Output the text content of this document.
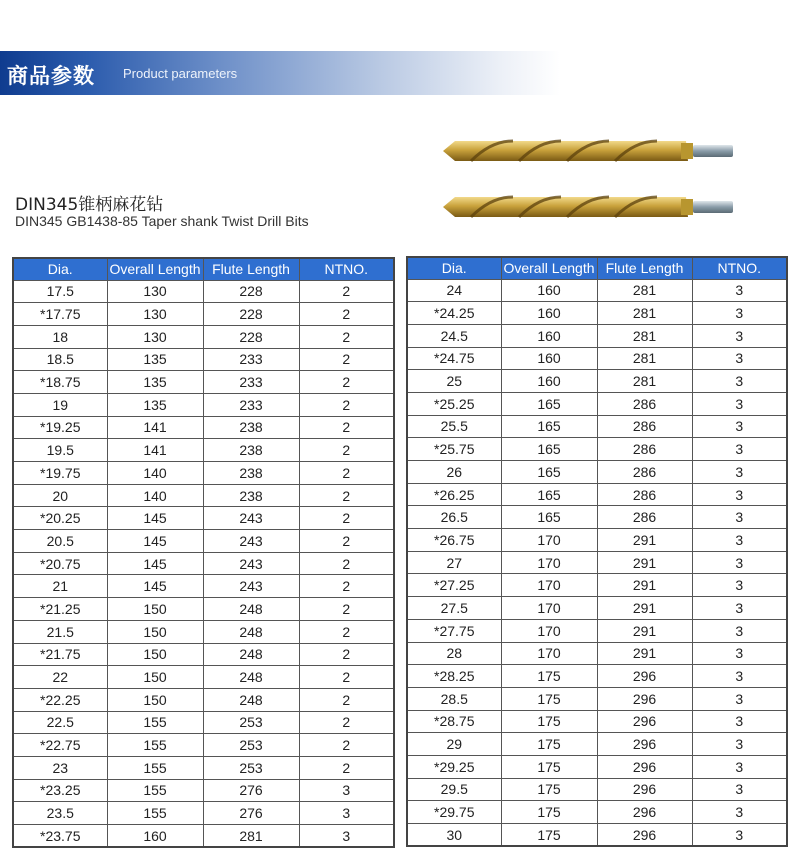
商品参数 Product parameters
DIN345锥柄麻花钻
DIN345 GB1438-85 Taper shank Twist Drill Bits
Dia.	Overall Length	Flute Length	NTNO.
17.5	130	228	2
*17.75	130	228	2
18	130	228	2
18.5	135	233	2
*18.75	135	233	2
19	135	233	2
*19.25	141	238	2
19.5	141	238	2
*19.75	140	238	2
20	140	238	2
*20.25	145	243	2
20.5	145	243	2
*20.75	145	243	2
21	145	243	2
*21.25	150	248	2
21.5	150	248	2
*21.75	150	248	2
22	150	248	2
*22.25	150	248	2
22.5	155	253	2
*22.75	155	253	2
23	155	253	2
*23.25	155	276	3
23.5	155	276	3
*23.75	160	281	3
Dia.	Overall Length	Flute Length	NTNO.
24	160	281	3
*24.25	160	281	3
24.5	160	281	3
*24.75	160	281	3
25	160	281	3
*25.25	165	286	3
25.5	165	286	3
*25.75	165	286	3
26	165	286	3
*26.25	165	286	3
26.5	165	286	3
*26.75	170	291	3
27	170	291	3
*27.25	170	291	3
27.5	170	291	3
*27.75	170	291	3
28	170	291	3
*28.25	175	296	3
28.5	175	296	3
*28.75	175	296	3
29	175	296	3
*29.25	175	296	3
29.5	175	296	3
*29.75	175	296	3
30	175	296	3
